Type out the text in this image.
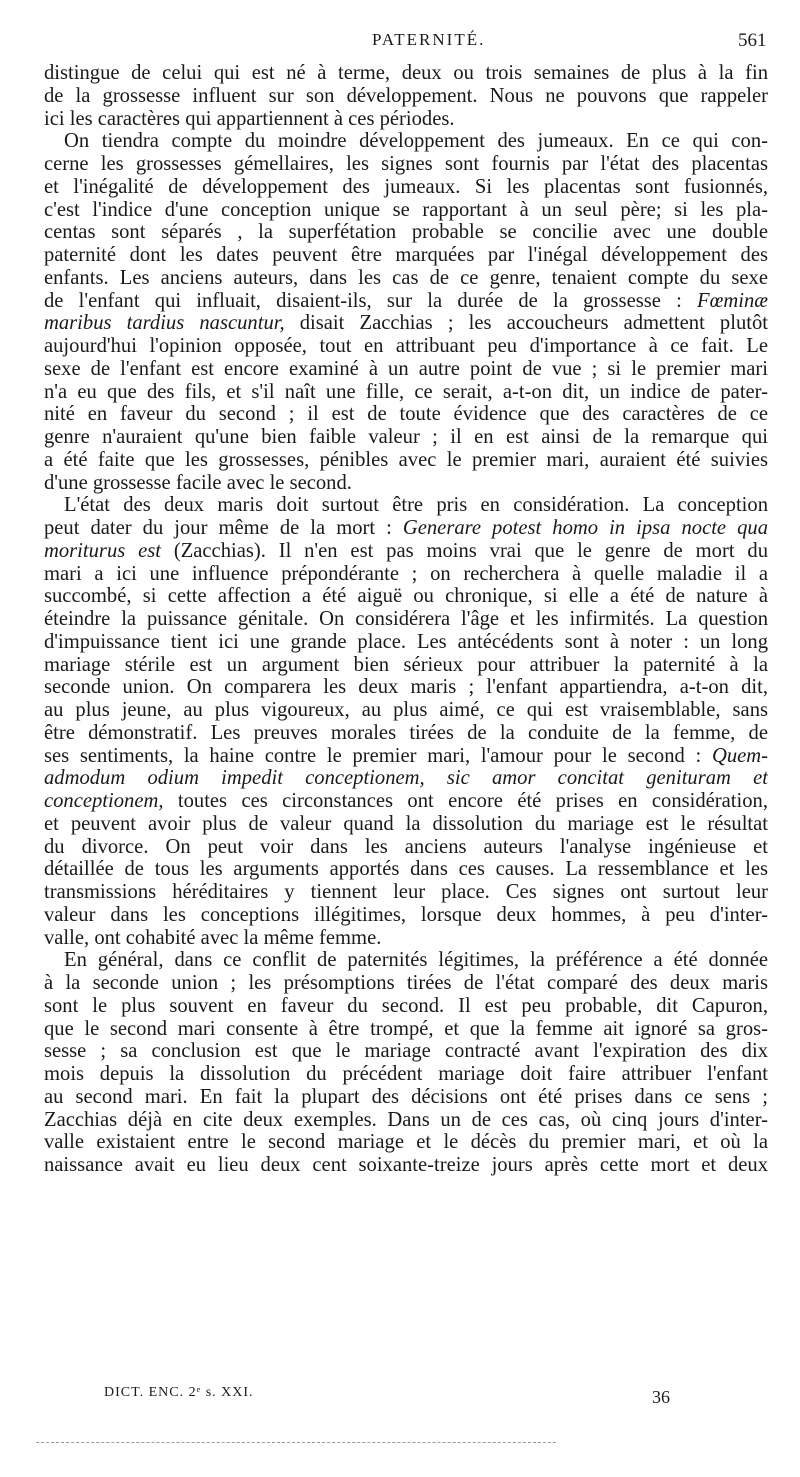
PATERNITÉ.	561
distingue de celui qui est né à terme, deux ou trois semaines de plus à la fin
de la grossesse influent sur son développement. Nous ne pouvons que rappeler
ici les caractères qui appartiennent à ces périodes.
On tiendra compte du moindre développement des jumeaux. En ce qui con-
cerne les grossesses gémellaires, les signes sont fournis par l'état des placentas
et l'inégalité de développement des jumeaux. Si les placentas sont fusionnés,
c'est l'indice d'une conception unique se rapportant à un seul père; si les pla-
centas sont séparés , la superfétation probable se concilie avec une double
paternité dont les dates peuvent être marquées par l'inégal développement des
enfants. Les anciens auteurs, dans les cas de ce genre, tenaient compte du sexe
de l'enfant qui influait, disaient-ils, sur la durée de la grossesse : Fœminæ
maribus tardius nascuntur, disait Zacchias ; les accoucheurs admettent plutôt
aujourd'hui l'opinion opposée, tout en attribuant peu d'importance à ce fait. Le
sexe de l'enfant est encore examiné à un autre point de vue ; si le premier mari
n'a eu que des fils, et s'il naît une fille, ce serait, a-t-on dit, un indice de pater-
nité en faveur du second ; il est de toute évidence que des caractères de ce
genre n'auraient qu'une bien faible valeur ; il en est ainsi de la remarque qui
a été faite que les grossesses, pénibles avec le premier mari, auraient été suivies
d'une grossesse facile avec le second.
L'état des deux maris doit surtout être pris en considération. La conception
peut dater du jour même de la mort : Generare potest homo in ipsa nocte qua
moriturus est (Zacchias). Il n'en est pas moins vrai que le genre de mort du
mari a ici une influence prépondérante ; on recherchera à quelle maladie il a
succombé, si cette affection a été aiguë ou chronique, si elle a été de nature à
éteindre la puissance génitale. On considérera l'âge et les infirmités. La question
d'impuissance tient ici une grande place. Les antécédents sont à noter : un long
mariage stérile est un argument bien sérieux pour attribuer la paternité à la
seconde union. On comparera les deux maris ; l'enfant appartiendra, a-t-on dit,
au plus jeune, au plus vigoureux, au plus aimé, ce qui est vraisemblable, sans
être démonstratif. Les preuves morales tirées de la conduite de la femme, de
ses sentiments, la haine contre le premier mari, l'amour pour le second : Quem-
admodum odium impedit conceptionem, sic amor concitat genituram et
conceptionem, toutes ces circonstances ont encore été prises en considération,
et peuvent avoir plus de valeur quand la dissolution du mariage est le résultat
du divorce. On peut voir dans les anciens auteurs l'analyse ingénieuse et
détaillée de tous les arguments apportés dans ces causes. La ressemblance et les
transmissions héréditaires y tiennent leur place. Ces signes ont surtout leur
valeur dans les conceptions illégitimes, lorsque deux hommes, à peu d'inter-
valle, ont cohabité avec la même femme.
En général, dans ce conflit de paternités légitimes, la préférence a été donnée
à la seconde union ; les présomptions tirées de l'état comparé des deux maris
sont le plus souvent en faveur du second. Il est peu probable, dit Capuron,
que le second mari consente à être trompé, et que la femme ait ignoré sa gros-
sesse ; sa conclusion est que le mariage contracté avant l'expiration des dix
mois depuis la dissolution du précédent mariage doit faire attribuer l'enfant
au second mari. En fait la plupart des décisions ont été prises dans ce sens ;
Zacchias déjà en cite deux exemples. Dans un de ces cas, où cinq jours d'inter-
valle existaient entre le second mariage et le décès du premier mari, et où la
naissance avait eu lieu deux cent soixante-treize jours après cette mort et deux
DICT. ENC. 2ᵉ s. XXI.	36
